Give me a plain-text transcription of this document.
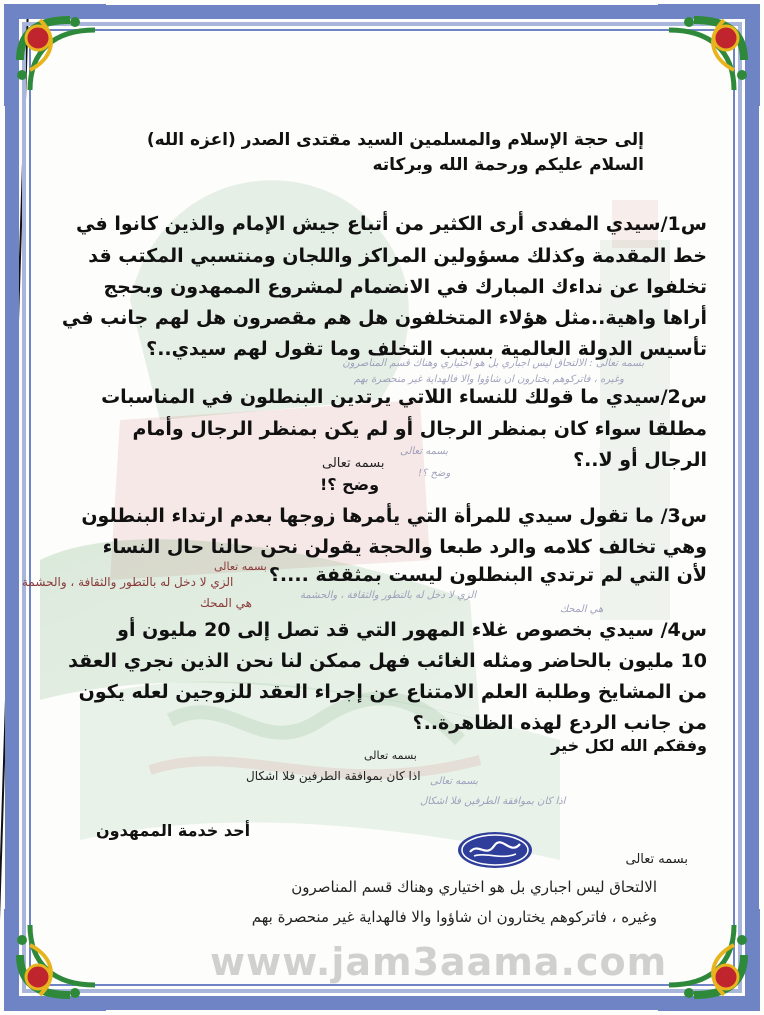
www.jam3aama.com
إلى حجة الإسلام والمسلمين السيد مقتدى الصدر (اعزه الله)
السلام عليكم ورحمة الله وبركاته
س1/سيدي المفدى أرى الكثير من أتباع جيش الإمام والذين كانوا في
خط المقدمة وكذلك مسؤولين المراكز واللجان ومنتسبي المكتب قد
تخلفوا عن نداءك المبارك في الانضمام لمشروع الممهدون وبحجج
أراها واهية..مثل هؤلاء المتخلفون هل هم مقصرون هل لهم جانب في
تأسيس الدولة العالمية بسبب التخلف وما تقول لهم سيدي..؟
بسمه تعالى : الالتحاق ليس اجباري بل هو اختياري وهناك قسم المناصرون
وغيره ، فاتركوهم يختارون ان شاؤوا والا فالهداية غير منحصرة بهم
س2/سيدي ما قولك للنساء اللاتي يرتدين البنطلون في المناسبات
مطلقا سواء كان بمنظر الرجال أو لم يكن بمنظر الرجال وأمام
الرجال أو لا..؟
بسمه تعالى
وضح ؟!
بسمه تعالى
وضح ؟!
س3/ ما تقول سيدي للمرأة التي يأمرها زوجها بعدم ارتداء البنطلون
وهي تخالف كلامه والرد طبعا والحجة يقولن نحن حالنا حال النساء
لأن التي لم ترتدي البنطلون ليست بمثقفة ....؟
بسمه تعالى
الزي لا دخل له بالتطور والثقافة ، والحشمة
هي المحك
الزي لا دخل له بالتطور والثقافة ، والحشمة
هي المحك
س4/ سيدي بخصوص غلاء المهور التي قد تصل إلى 20 مليون أو
10 مليون بالحاضر ومثله الغائب فهل ممكن لنا نحن الذين نجري العقد
من المشايخ وطلبة العلم الامتناع عن إجراء العقد للزوجين لعله يكون
من جانب الردع لهذه الظاهرة..؟
وفقكم الله لكل خير
بسمه تعالى
اذا كان بموافقة الطرفين فلا اشكال بسمه تعالى
اذا كان بموافقة الطرفين فلا اشكال
أحد خدمة الممهدون
بسمه تعالى
الالتحاق ليس اجباري بل هو اختياري وهناك قسم المناصرون
وغيره ، فاتركوهم يختارون ان شاؤوا والا فالهداية غير منحصرة بهم
